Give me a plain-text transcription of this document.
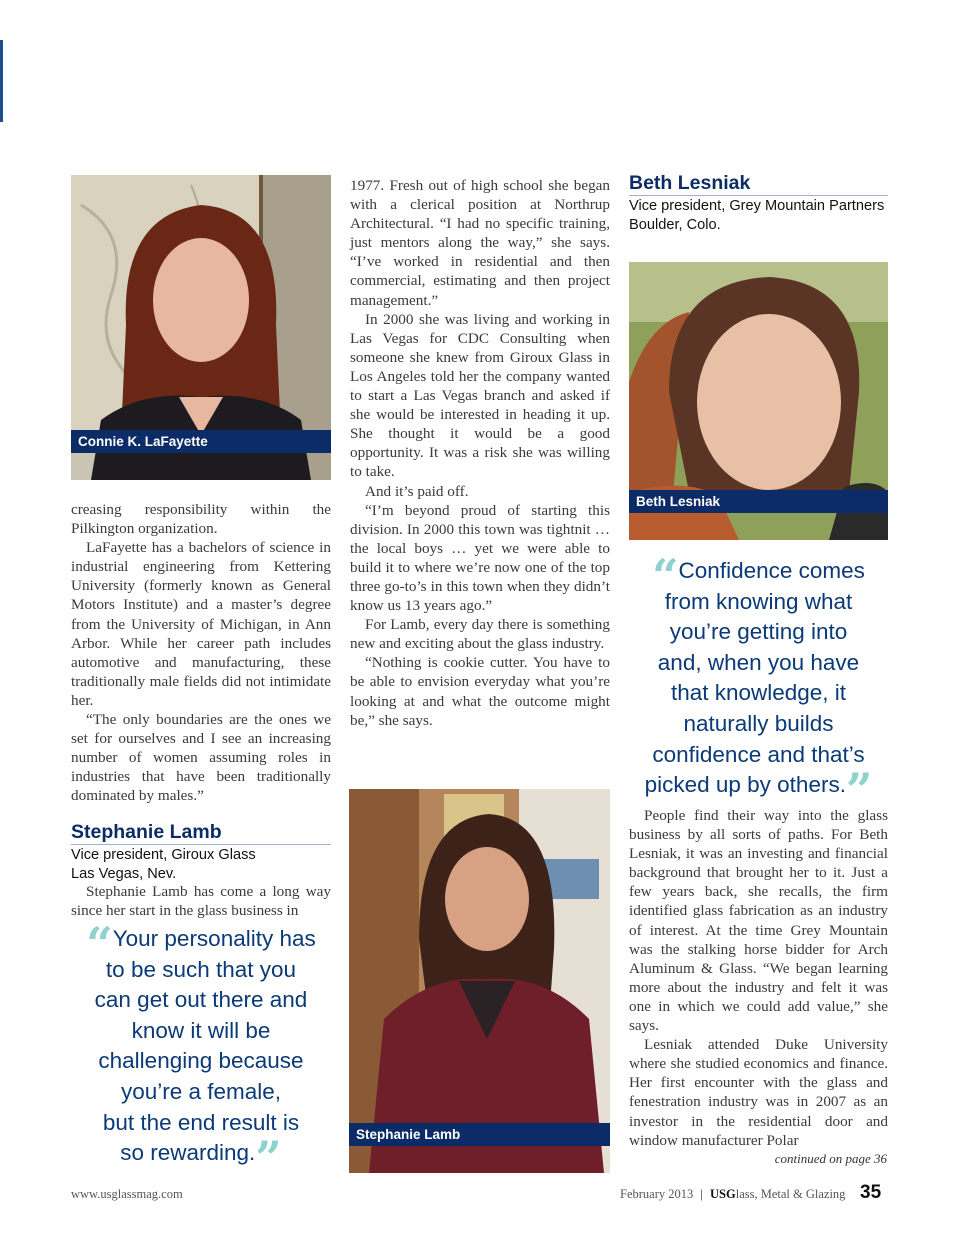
Connie K. LaFayette

creasing responsibility within the Pilkington organization.

LaFayette has a bachelors of science in industrial engineering from Kettering University (formerly known as General Motors Institute) and a master’s degree from the University of Michigan, in Ann Arbor. While her career path includes automotive and manufacturing, these traditionally male fields did not intimidate her.

“The only boundaries are the ones we set for ourselves and I see an increasing number of women assuming roles in industries that have been traditionally dominated by males.”

Stephanie Lamb
Vice president, Giroux Glass
Las Vegas, Nev.

Stephanie Lamb has come a long way since her start in the glass business in

“Your personality has
to be such that you
can get out there and
know it will be
challenging because
you’re a female,
but the end result is
so rewarding.”

1977. Fresh out of high school she began with a clerical position at Northrup Architectural. “I had no specific training, just mentors along the way,” she says. “I’ve worked in residential and then commercial, estimating and then project management.”

In 2000 she was living and working in Las Vegas for CDC Consulting when someone she knew from Giroux Glass in Los Angeles told her the company wanted to start a Las Vegas branch and asked if she would be interested in heading it up. She thought it would be a good opportunity. It was a risk she was willing to take.

And it’s paid off.

“I’m beyond proud of starting this division. In 2000 this town was tightnit … the local boys … yet we were able to build it to where we’re now one of the top three go-to’s in this town when they didn’t know us 13 years ago.”

For Lamb, every day there is something new and exciting about the glass industry.

“Nothing is cookie cutter. You have to be able to envision everyday what you’re looking at and what the outcome might be,” she says.

Stephanie Lamb
Beth Lesniak
Vice president, Grey Mountain Partners
Boulder, Colo.
Beth Lesniak
“Confidence comes
from knowing what
you’re getting into
and, when you have
that knowledge, it
naturally builds
confidence and that’s
picked up by others.”

People find their way into the glass business by all sorts of paths. For Beth Lesniak, it was an investing and financial background that brought her to it. Just a few years back, she recalls, the firm identified glass fabrication as an industry of interest. At the time Grey Mountain was the stalking horse bidder for Arch Aluminum & Glass. “We began learning more about the industry and felt it was one in which we could add value,” she says.

Lesniak attended Duke University where she studied economics and finance. Her first encounter with the glass and fenestration industry was in 2007 as an investor in the residential door and window manufacturer Polar

continued on page 36
www.usglassmag.com	February 2013 | USGlass, Metal & Glazing 35
